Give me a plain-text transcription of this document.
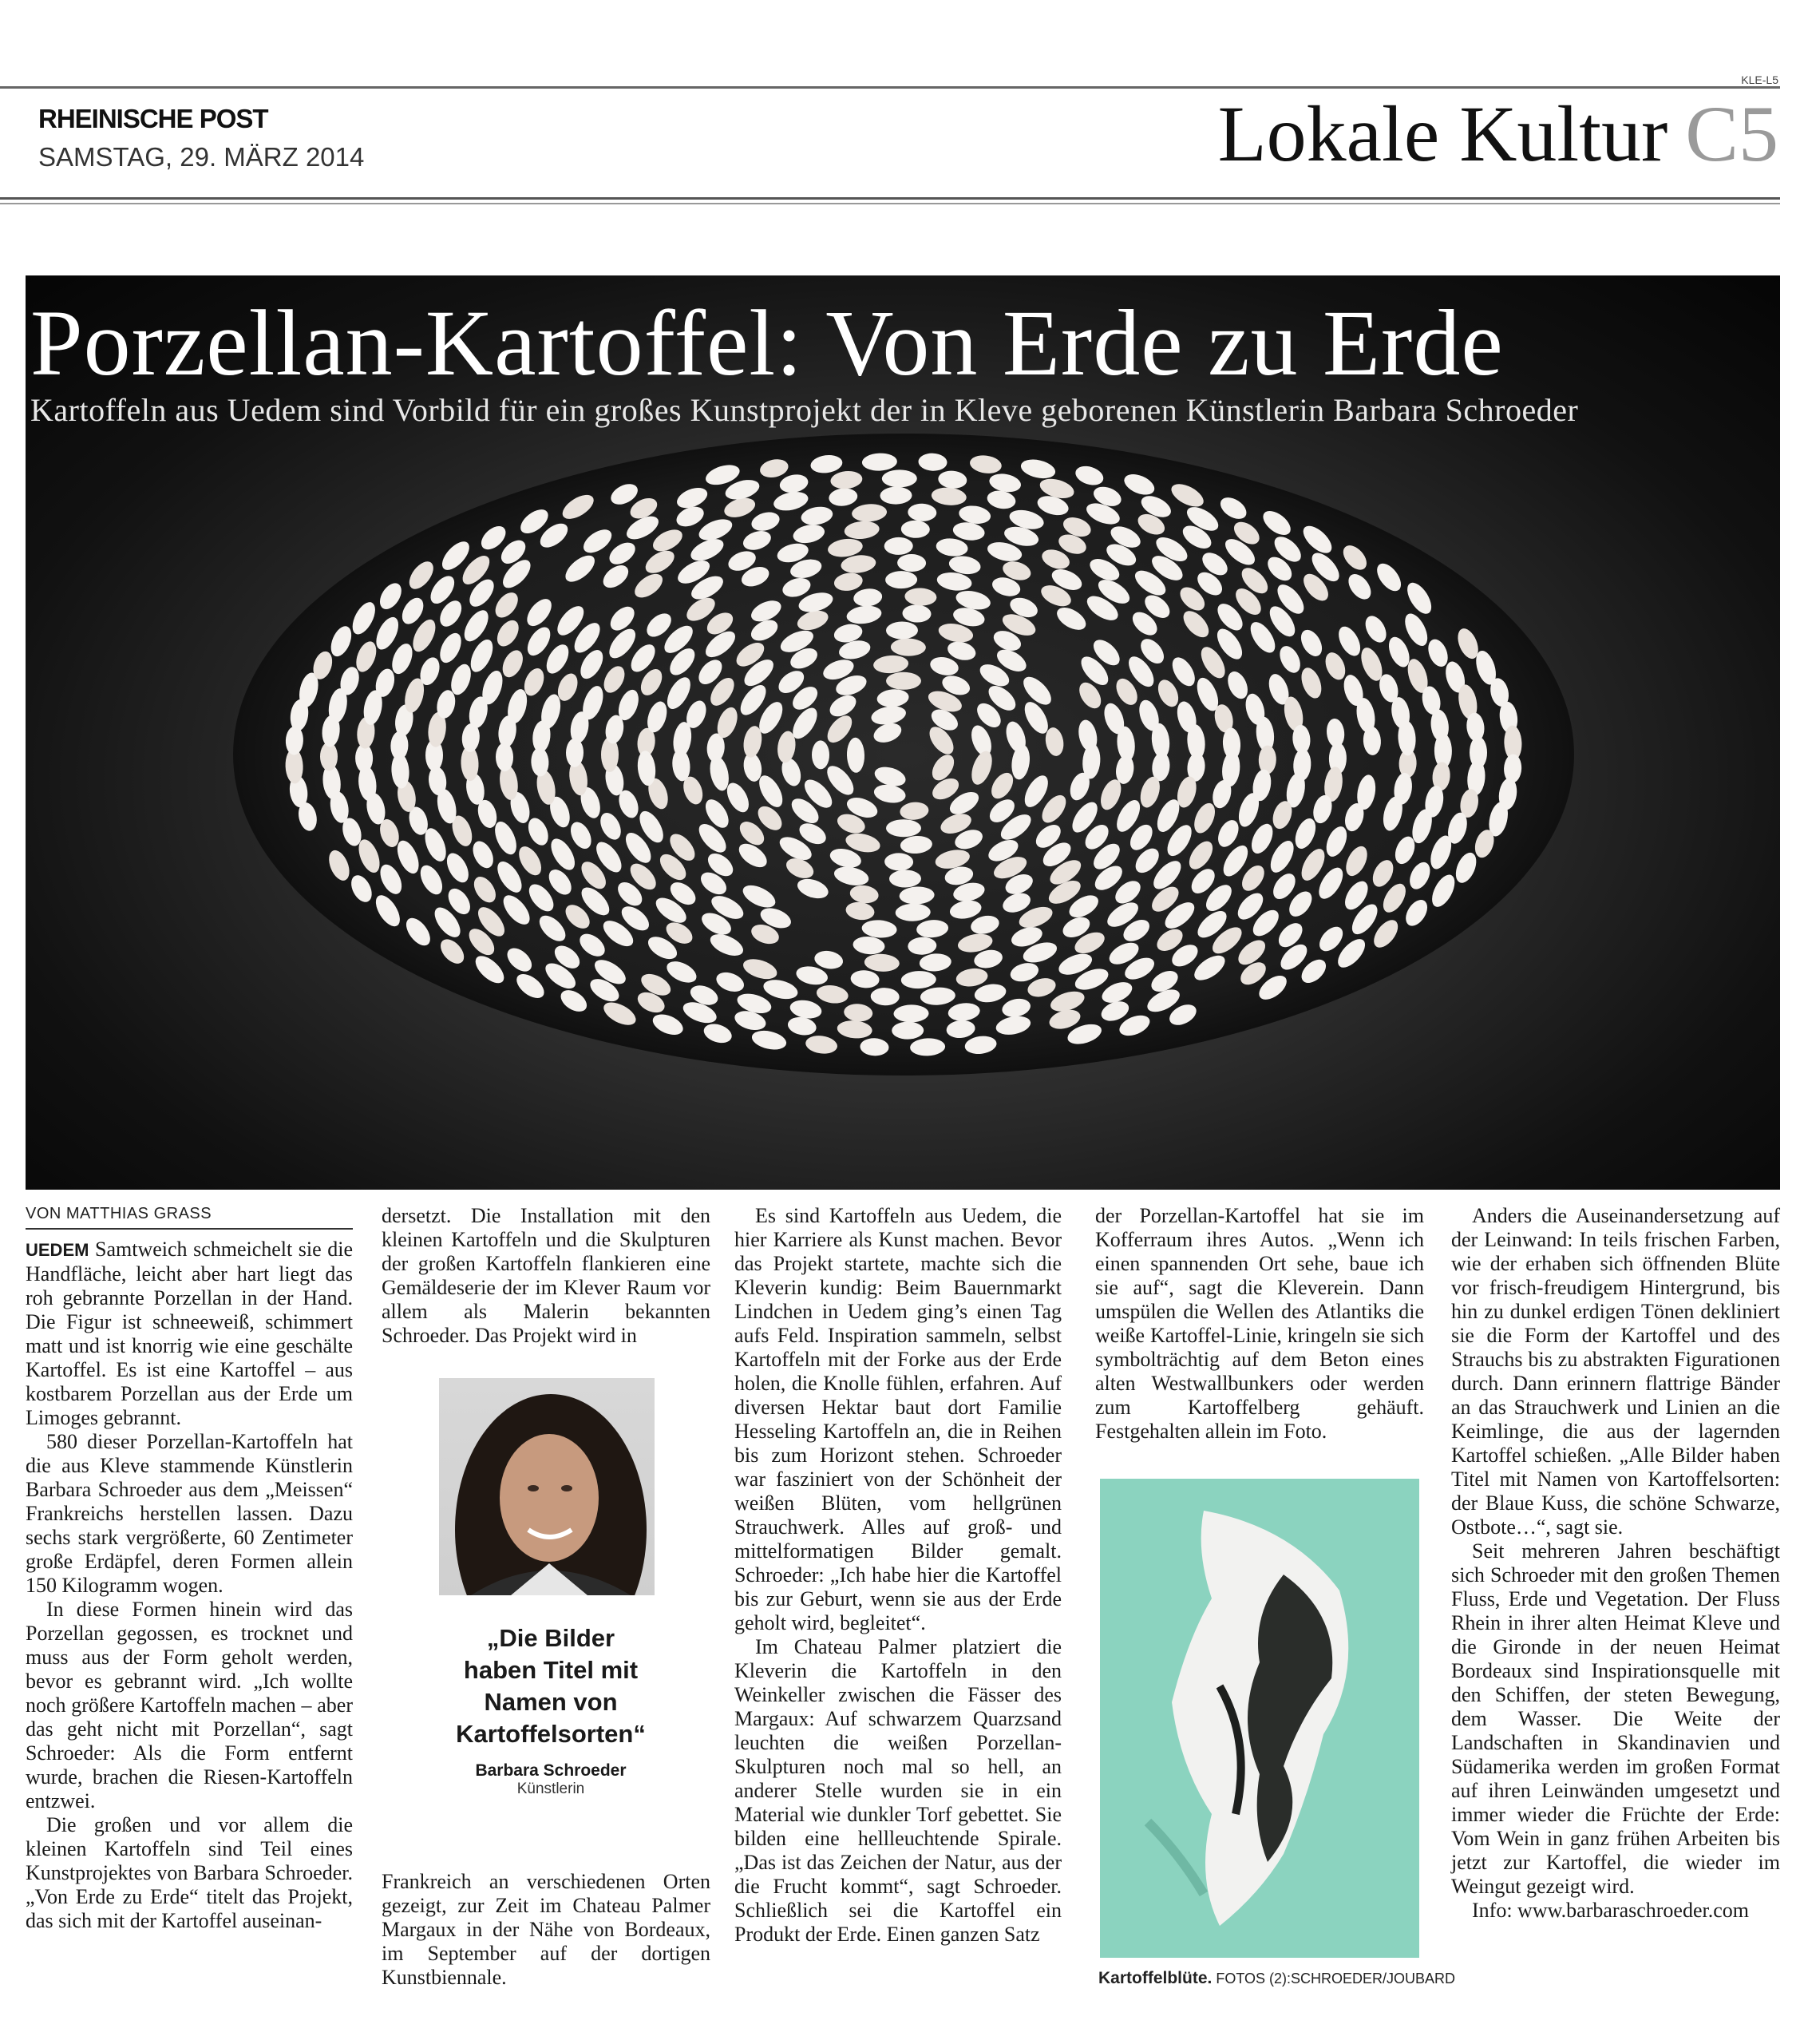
KLE-L5
RHEINISCHE POST
SAMSTAG, 29. MÄRZ 2014	Lokale Kultur C5
Porzellan-Kartoffel: Von Erde zu Erde
Kartoffeln aus Uedem sind Vorbild für ein großes Kunstprojekt der in Kleve geborenen Künstlerin Barbara Schroeder
VON MATTHIAS GRASS

UEDEM Samtweich schmeichelt sie die Handfläche, leicht aber hart liegt das roh gebrannte Porzellan in der Hand. Die Figur ist schneeweiß, schimmert matt und ist knorrig wie eine geschälte Kartoffel. Es ist eine Kartoffel – aus kostbarem Porzellan aus der Erde um Limoges gebrannt.

580 dieser Porzellan-Kartoffeln hat die aus Kleve stammende Künstlerin Barbara Schroeder aus dem „Meissen“ Frankreichs herstellen lassen. Dazu sechs stark vergrößerte, 60 Zentimeter große Erdäpfel, deren Formen allein 150 Kilogramm wogen.

In diese Formen hinein wird das Porzellan gegossen, es trocknet und muss aus der Form geholt werden, bevor es gebrannt wird. „Ich wollte noch größere Kartoffeln machen – aber das geht nicht mit Porzellan“, sagt Schroeder: Als die Form entfernt wurde, brachen die Riesen-Kartoffeln entzwei.

Die großen und vor allem die kleinen Kartoffeln sind Teil eines Kunstprojektes von Barbara Schroeder. „Von Erde zu Erde“ titelt das Projekt, das sich mit der Kartoffel auseinan-

dersetzt. Die Installation mit den kleinen Kartoffeln und die Skulpturen der großen Kartoffeln flankieren eine Gemäldeserie der im Klever Raum vor allem als Malerin bekannten Schroeder. Das Projekt wird in

„Die Bilder haben Titel mit Namen von Kartoffelsorten“
Barbara Schroeder
Künstlerin

Frankreich an verschiedenen Orten gezeigt, zur Zeit im Chateau Palmer Margaux in der Nähe von Bordeaux, im September auf der dortigen Kunstbiennale.

Es sind Kartoffeln aus Uedem, die hier Karriere als Kunst machen. Bevor das Projekt startete, machte sich die Kleverin kundig: Beim Bauernmarkt Lindchen in Uedem ging’s einen Tag aufs Feld. Inspiration sammeln, selbst Kartoffeln mit der Forke aus der Erde holen, die Knolle fühlen, erfahren. Auf diversen Hektar baut dort Familie Hesseling Kartoffeln an, die in Reihen bis zum Horizont stehen. Schroeder war fasziniert von der Schönheit der weißen Blüten, vom hellgrünen Strauchwerk. Alles auf groß- und mittelformatigen Bilder gemalt. Schroeder: „Ich habe hier die Kartoffel bis zur Geburt, wenn sie aus der Erde geholt wird, begleitet“.

Im Chateau Palmer platziert die Kleverin die Kartoffeln in den Weinkeller zwischen die Fässer des Margaux: Auf schwarzem Quarzsand leuchten die weißen Porzellan-Skulpturen noch mal so hell, an anderer Stelle wurden sie in ein Material wie dunkler Torf gebettet. Sie bilden eine hellleuchtende Spirale. „Das ist das Zeichen der Natur, aus der die Frucht kommt“, sagt Schroeder. Schließlich sei die Kartoffel ein Produkt der Erde. Einen ganzen Satz

der Porzellan-Kartoffel hat sie im Kofferraum ihres Autos. „Wenn ich einen spannenden Ort sehe, baue ich sie auf“, sagt die Kleverein. Dann umspülen die Wellen des Atlantiks die weiße Kartoffel-Linie, kringeln sie sich symbolträchtig auf dem Beton eines alten Westwallbunkers oder werden zum Kartoffelberg gehäuft. Festgehalten allein im Foto.

Kartoffelblüte. FOTOS (2):SCHROEDER/JOUBARD

Anders die Auseinandersetzung auf der Leinwand: In teils frischen Farben, wie der erhaben sich öffnenden Blüte vor frisch-freudigem Hintergrund, bis hin zu dunkel erdigen Tönen dekliniert sie die Form der Kartoffel und des Strauchs bis zu abstrakten Figurationen durch. Dann erinnern flattrige Bänder an das Strauchwerk und Linien an die Keimlinge, die aus der lagernden Kartoffel schießen. „Alle Bilder haben Titel mit Namen von Kartoffelsorten: der Blaue Kuss, die schöne Schwarze, Ostbote…“, sagt sie.

Seit mehreren Jahren beschäftigt sich Schroeder mit den großen Themen Fluss, Erde und Vegetation. Der Fluss Rhein in ihrer alten Heimat Kleve und die Gironde in der neuen Heimat Bordeaux sind Inspirationsquelle mit den Schiffen, der steten Bewegung, dem Wasser. Die Weite der Landschaften in Skandinavien und Südamerika werden im großen Format auf ihren Leinwänden umgesetzt und immer wieder die Früchte der Erde: Vom Wein in ganz frühen Arbeiten bis jetzt zur Kartoffel, die wieder im Weingut gezeigt wird.

Info: www.barbaraschroeder.com
